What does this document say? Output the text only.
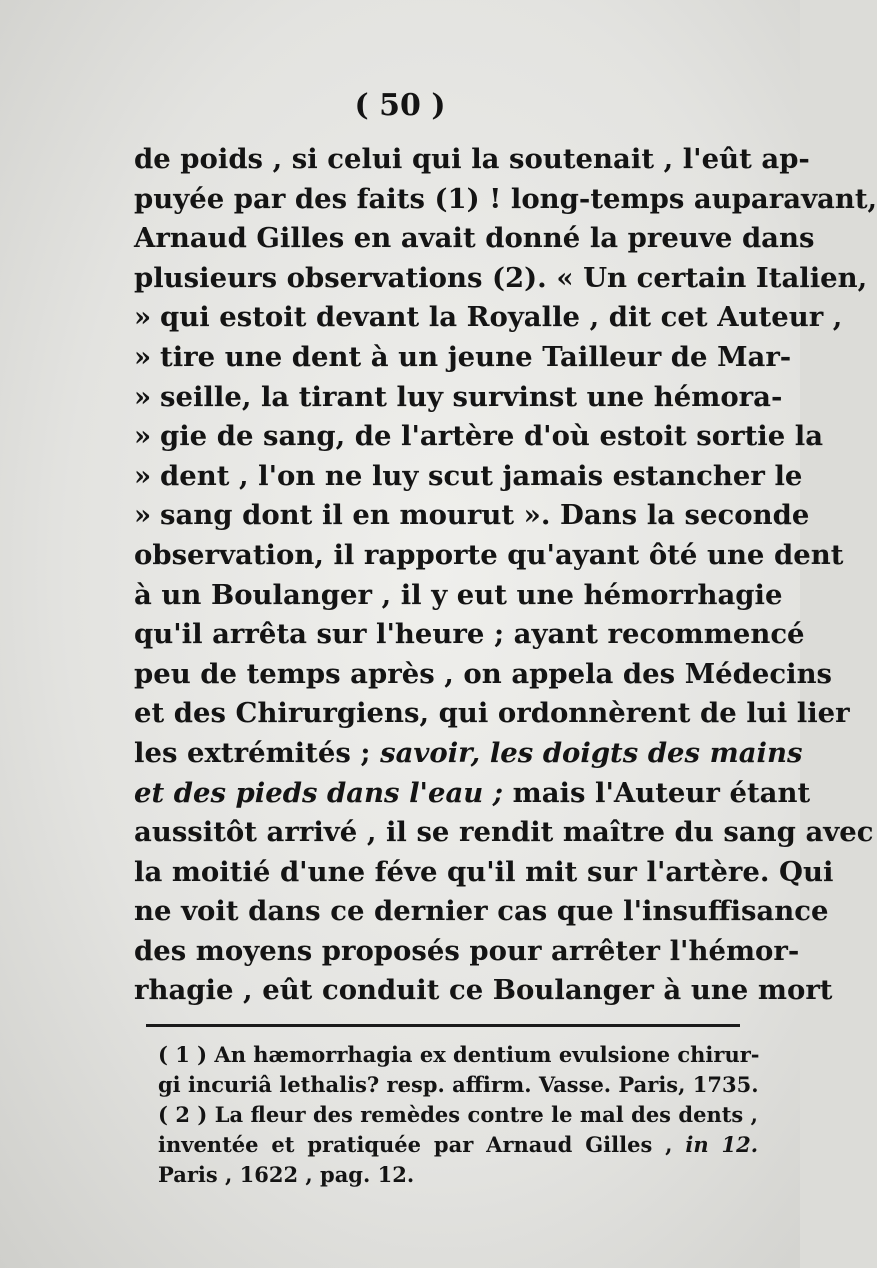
( 50 )
de poids , si celui qui la soutenait , l'eût ap-
puyée par des faits (1) ! long-temps auparavant,
Arnaud Gilles en avait donné la preuve dans
plusieurs observations (2). « Un certain Italien,
» qui estoit devant la Royalle , dit cet Auteur ,
» tire une dent à un jeune Tailleur de Mar-
» seille, la tirant luy survinst une hémora-
» gie de sang, de l'artère d'où estoit sortie la
» dent , l'on ne luy scut jamais estancher le
» sang dont il en mourut ». Dans la seconde
observation, il rapporte qu'ayant ôté une dent
à un Boulanger , il y eut une hémorrhagie
qu'il arrêta sur l'heure ; ayant recommencé
peu de temps après , on appela des Médecins
et des Chirurgiens, qui ordonnèrent de lui lier
les extrémités ; savoir, les doigts des mains
et des pieds dans l'eau ; mais l'Auteur étant
aussitôt arrivé , il se rendit maître du sang avec
la moitié d'une féve qu'il mit sur l'artère. Qui
ne voit dans ce dernier cas que l'insuffisance
des moyens proposés pour arrêter l'hémor-
rhagie , eût conduit ce Boulanger à une mort
( 1 ) An hæmorrhagia ex dentium evulsione chirur-
gi incuriâ lethalis? resp. affirm. Vasse. Paris, 1735.
( 2 ) La fleur des remèdes contre le mal des dents ,
inventée et pratiquée par Arnaud Gilles , in 12.
Paris , 1622 , pag. 12.
